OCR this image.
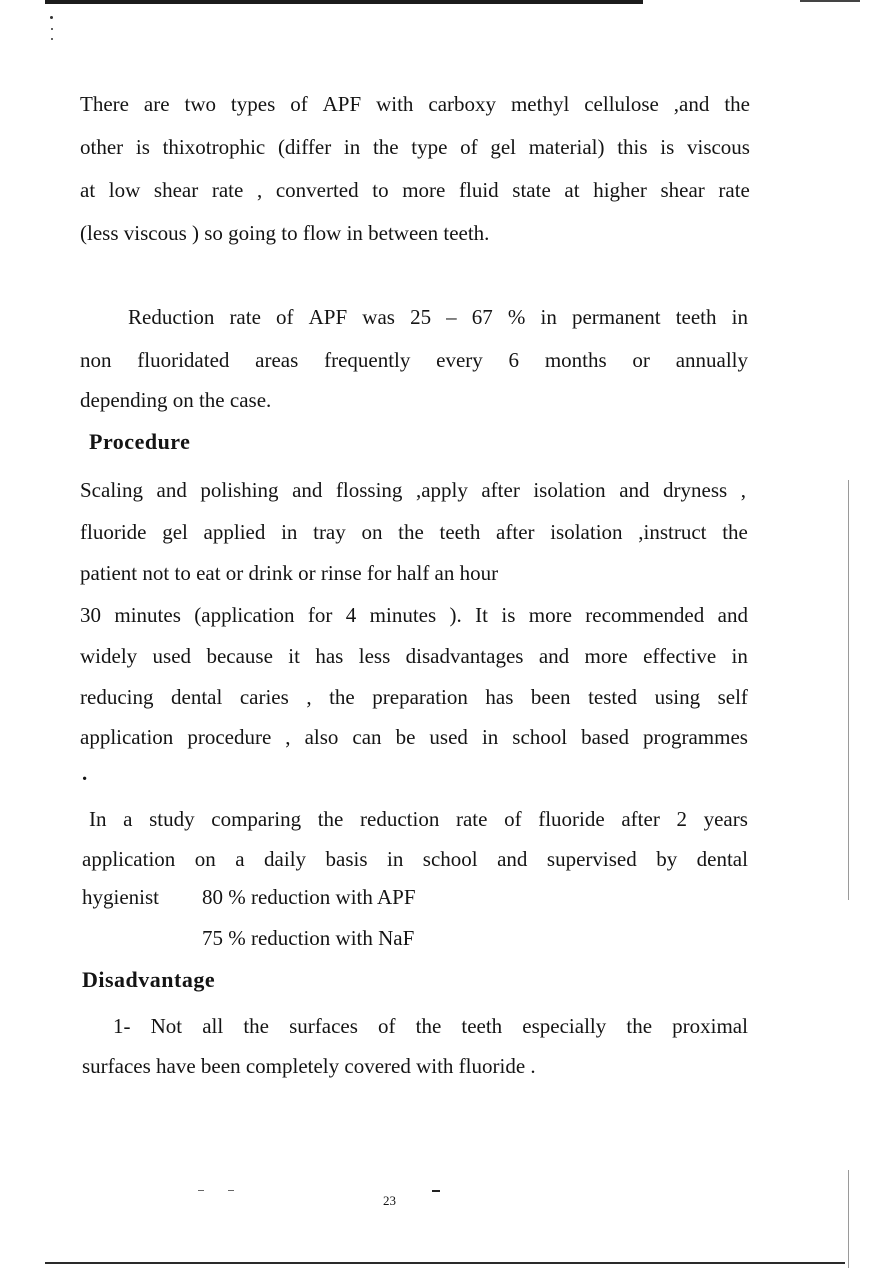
There are two types of APF with carboxy methyl cellulose ,and the
other is thixotrophic (differ in the type of gel material) this is viscous
at low shear rate , converted to more fluid state at higher shear rate
(less viscous ) so going to flow in between teeth.
Reduction rate of APF was 25 – 67 % in permanent teeth in
non fluoridated areas frequently every 6 months or annually
depending on the case.
Procedure
Scaling and polishing and flossing ,apply after isolation and dryness ,
fluoride gel applied in tray on the teeth after isolation ,instruct the
patient not to eat or drink or rinse for half an hour
30 minutes (application for 4 minutes ). It is more recommended and
widely used because it has less disadvantages and more effective in
reducing dental caries , the preparation has been tested using self
application procedure , also can be used in school based programmes
.
In a study comparing the reduction rate of fluoride after 2 years
application on a daily basis in school and supervised by dental
hygienist 80 % reduction with APF
75 % reduction with NaF
Disadvantage
1- Not all the surfaces of the teeth especially the proximal
surfaces have been completely covered with fluoride .
23
